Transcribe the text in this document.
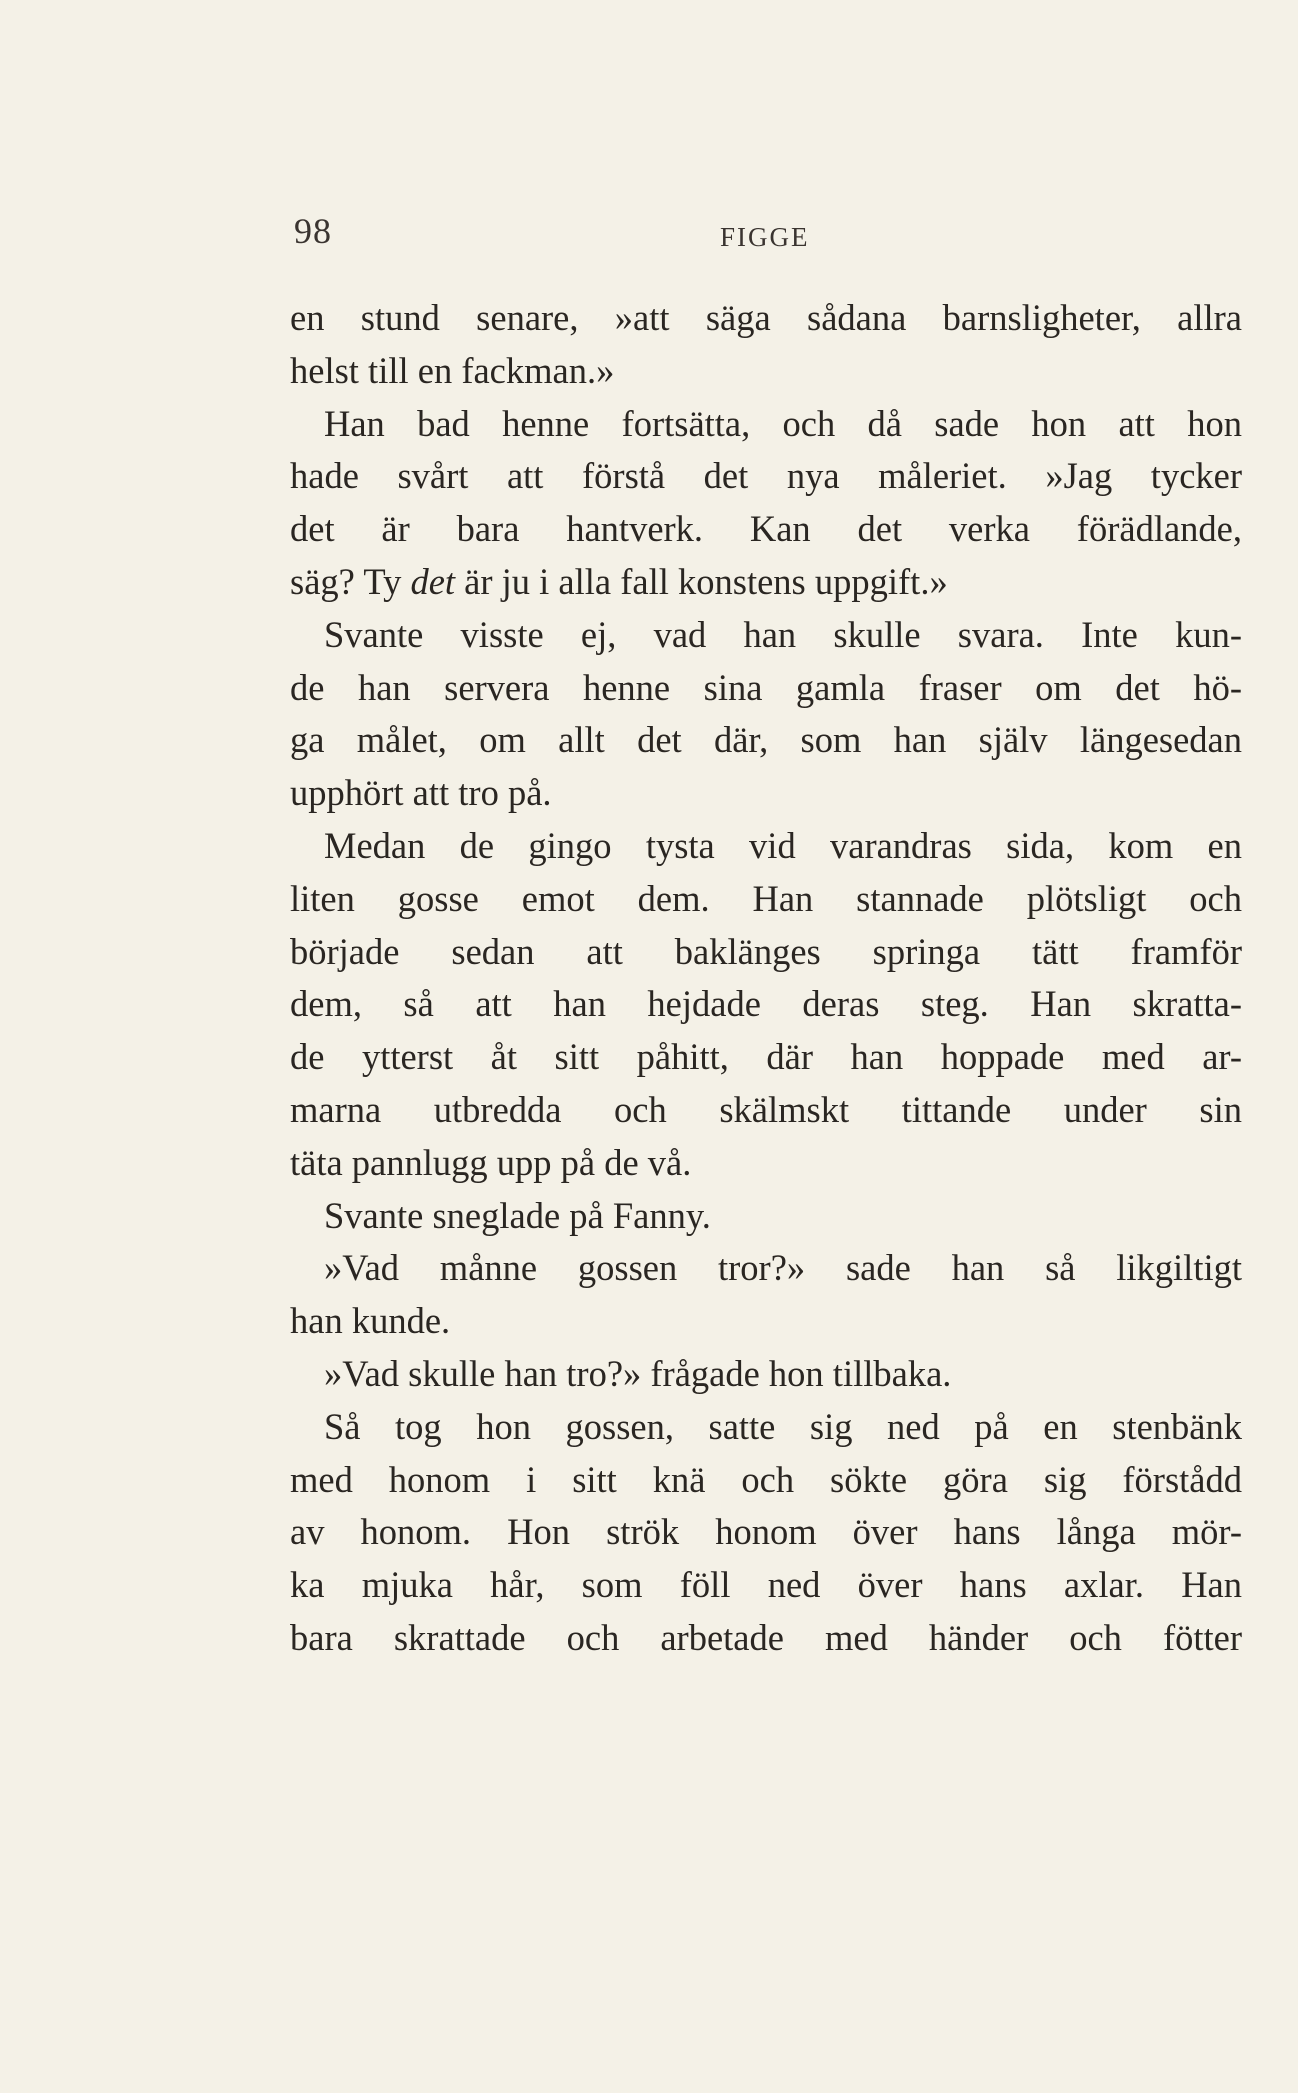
98	FIGGE
en stund senare, »att säga sådana barnsligheter, allra
helst till en fackman.»
Han bad henne fortsätta, och då sade hon att hon
hade svårt att förstå det nya måleriet. »Jag tycker
det är bara hantverk. Kan det verka förädlande,
säg? Ty det är ju i alla fall konstens uppgift.»
Svante visste ej, vad han skulle svara. Inte kun-
de han servera henne sina gamla fraser om det hö-
ga målet, om allt det där, som han själv längesedan
upphört att tro på.
Medan de gingo tysta vid varandras sida, kom en
liten gosse emot dem. Han stannade plötsligt och
började sedan att baklänges springa tätt framför
dem, så att han hejdade deras steg. Han skratta-
de ytterst åt sitt påhitt, där han hoppade med ar-
marna utbredda och skälmskt tittande under sin
täta pannlugg upp på de vå.
Svante sneglade på Fanny.
»Vad månne gossen tror?» sade han så likgiltigt
han kunde.
»Vad skulle han tro?» frågade hon tillbaka.
Så tog hon gossen, satte sig ned på en stenbänk
med honom i sitt knä och sökte göra sig förstådd
av honom. Hon strök honom över hans långa mör-
ka mjuka hår, som föll ned över hans axlar. Han
bara skrattade och arbetade med händer och fötter
